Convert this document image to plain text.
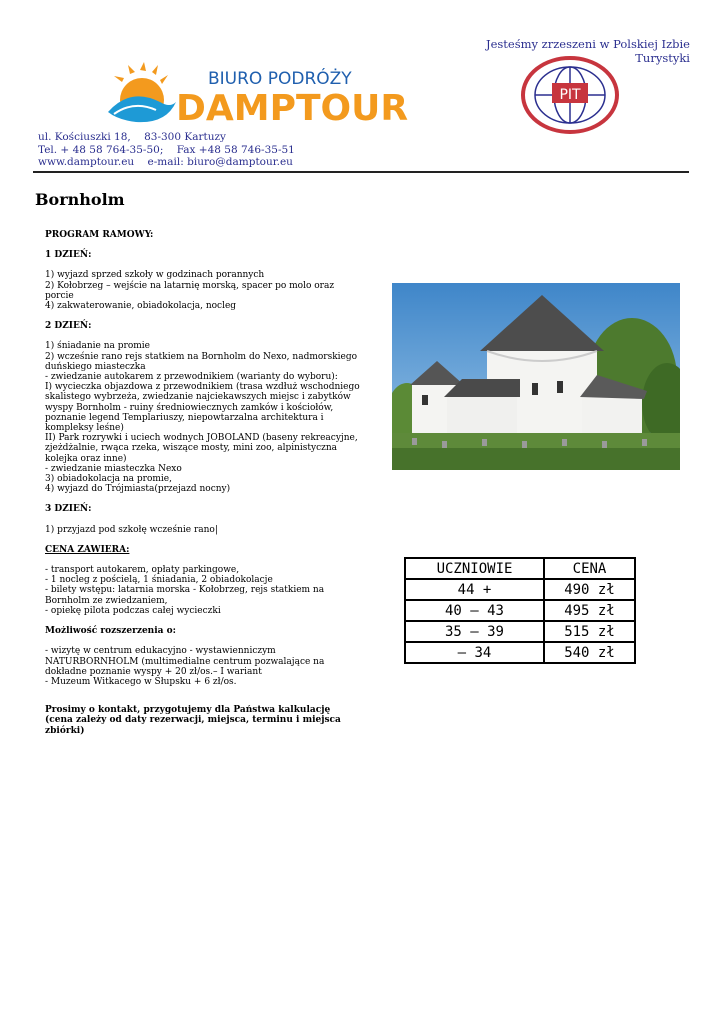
Jesteśmy zrzeszeni w Polskiej Izbie Turystyki
BIURO PODRÓŻY
DAMPTOUR	PIT
ul. Kościuszki 18,    83-300 Kartuzy
Tel. + 48 58 764-35-50;    Fax +48 58 746-35-51
www.damptour.eu    e-mail: biuro@damptour.eu
Bornholm
PROGRAM RAMOWY:
1 DZIEŃ:
1) wyjazd sprzed szkoły w godzinach porannych
2) Kołobrzeg – wejście na latarnię morską, spacer po molo oraz porcie
4) zakwaterowanie, obiadokolacja, nocleg
2 DZIEŃ:
1) śniadanie na promie
2) wcześnie rano rejs statkiem na Bornholm do Nexo, nadmorskiego duńskiego miasteczka
- zwiedzanie autokarem z przewodnikiem (warianty do wyboru):
I) wycieczka objazdowa z przewodnikiem (trasa wzdłuż wschodniego skalistego wybrzeża, zwiedzanie najciekawszych miejsc i zabytków wyspy Bornholm - ruiny średniowiecznych zamków i kościołów, poznanie legend Templariuszy, niepowtarzalna architektura i kompleksy leśne)
II) Park rozrywki i uciech wodnych JOBOLAND (baseny rekreacyjne, zjeżdżalnie, rwąca rzeka, wiszące mosty, mini zoo, alpinistyczna kolejka oraz inne)
- zwiedzanie miasteczka Nexo
3) obiadokolacja na promie,
4) wyjazd do Trójmiasta(przejazd nocny)
3 DZIEŃ:
1) przyjazd pod szkołę wcześnie rano|
CENA ZAWIERA:
- transport autokarem, opłaty parkingowe,
- 1 nocleg z pościelą, 1 śniadania, 2 obiadokolacje
- bilety wstępu: latarnia morska - Kołobrzeg, rejs statkiem na Bornholm ze zwiedzaniem,
- opiekę pilota podczas całej wycieczki
Możliwość rozszerzenia o:
- wizytę w centrum edukacyjno - wystawienniczym NATURBORNHOLM (multimedialne centrum pozwalające na dokładne poznanie wyspy + 20 zł/os.– I wariant
- Muzeum Witkacego w Słupsku + 6 zł/os.
Prosimy o kontakt, przygotujemy dla Państwa kalkulację
(cena zależy od daty rezerwacji, miejsca, terminu i miejsca zbiórki)
UCZNIOWIE	CENA
44 +	490 zł
40 – 43	495 zł
35 – 39	515 zł
– 34	540 zł
